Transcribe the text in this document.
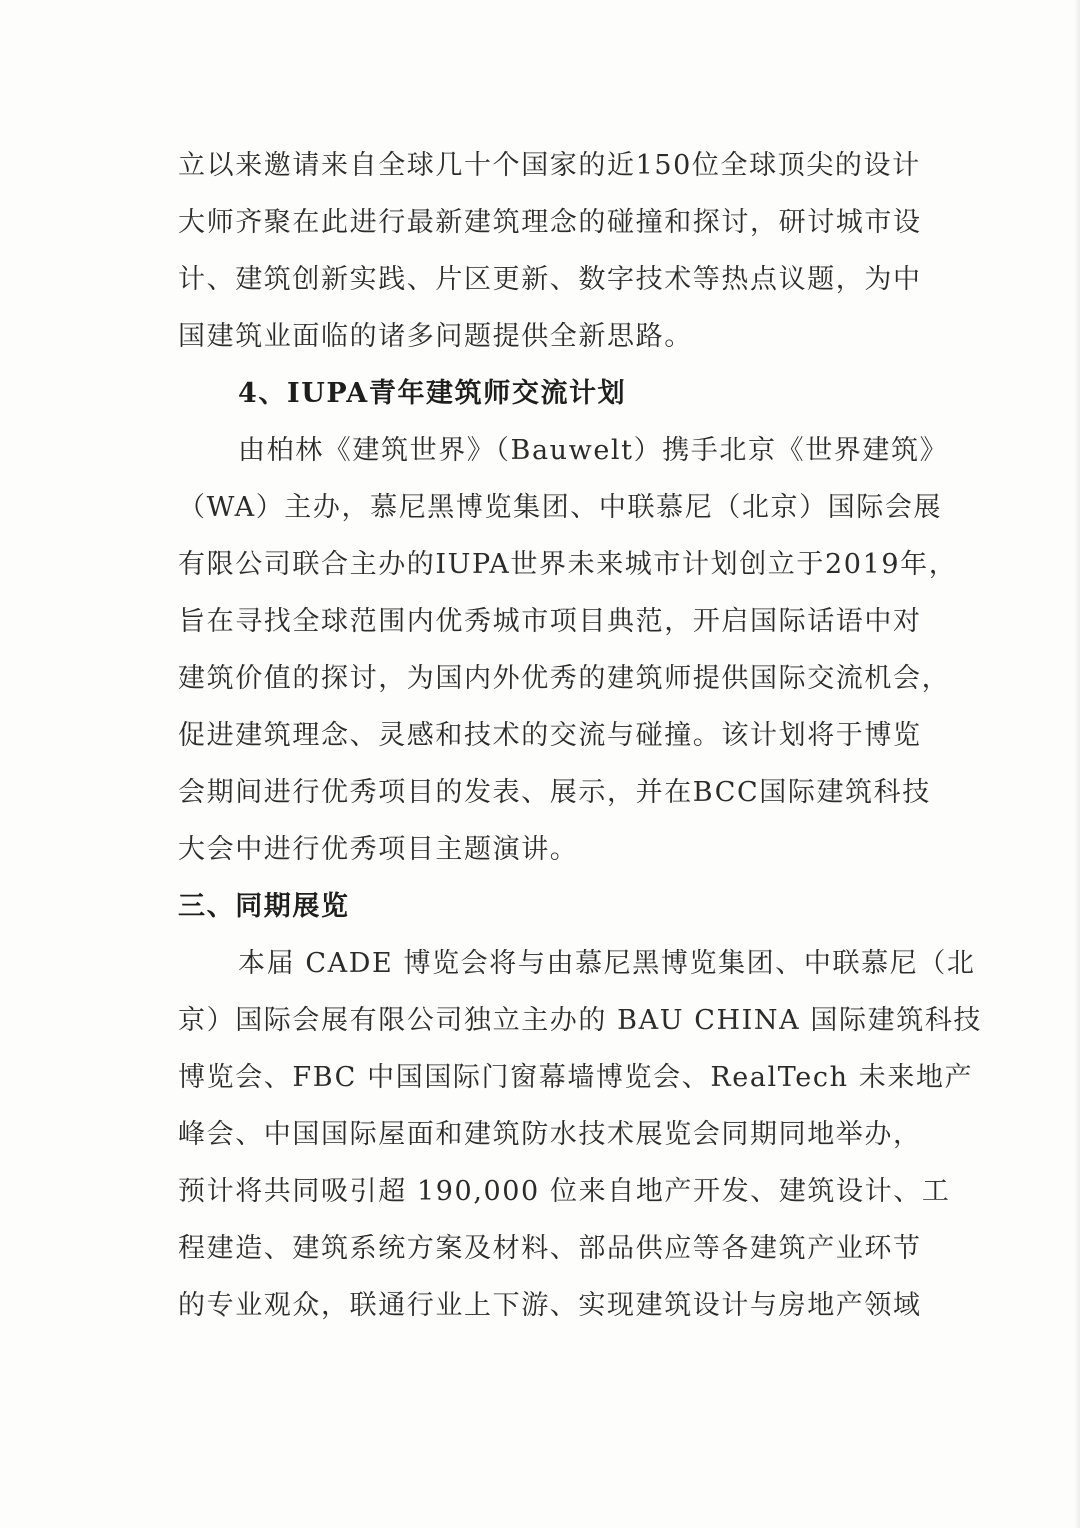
立以来邀请来自全球几十个国家的近150位全球顶尖的设计
大师齐聚在此进行最新建筑理念的碰撞和探讨，研讨城市设
计、建筑创新实践、片区更新、数字技术等热点议题，为中
国建筑业面临的诸多问题提供全新思路。
4、IUPA青年建筑师交流计划
由柏林《建筑世界》（Bauwelt）携手北京《世界建筑》
（WA）主办，慕尼黑博览集团、中联慕尼（北京）国际会展
有限公司联合主办的IUPA世界未来城市计划创立于2019年，
旨在寻找全球范围内优秀城市项目典范，开启国际话语中对
建筑价值的探讨，为国内外优秀的建筑师提供国际交流机会，
促进建筑理念、灵感和技术的交流与碰撞。该计划将于博览
会期间进行优秀项目的发表、展示，并在BCC国际建筑科技
大会中进行优秀项目主题演讲。
三、同期展览
本届 CADE 博览会将与由慕尼黑博览集团、中联慕尼（北
京）国际会展有限公司独立主办的 BAU CHINA 国际建筑科技
博览会、FBC 中国国际门窗幕墙博览会、RealTech 未来地产
峰会、中国国际屋面和建筑防水技术展览会同期同地举办，
预计将共同吸引超 190,000 位来自地产开发、建筑设计、工
程建造、建筑系统方案及材料、部品供应等各建筑产业环节
的专业观众，联通行业上下游、实现建筑设计与房地产领域
